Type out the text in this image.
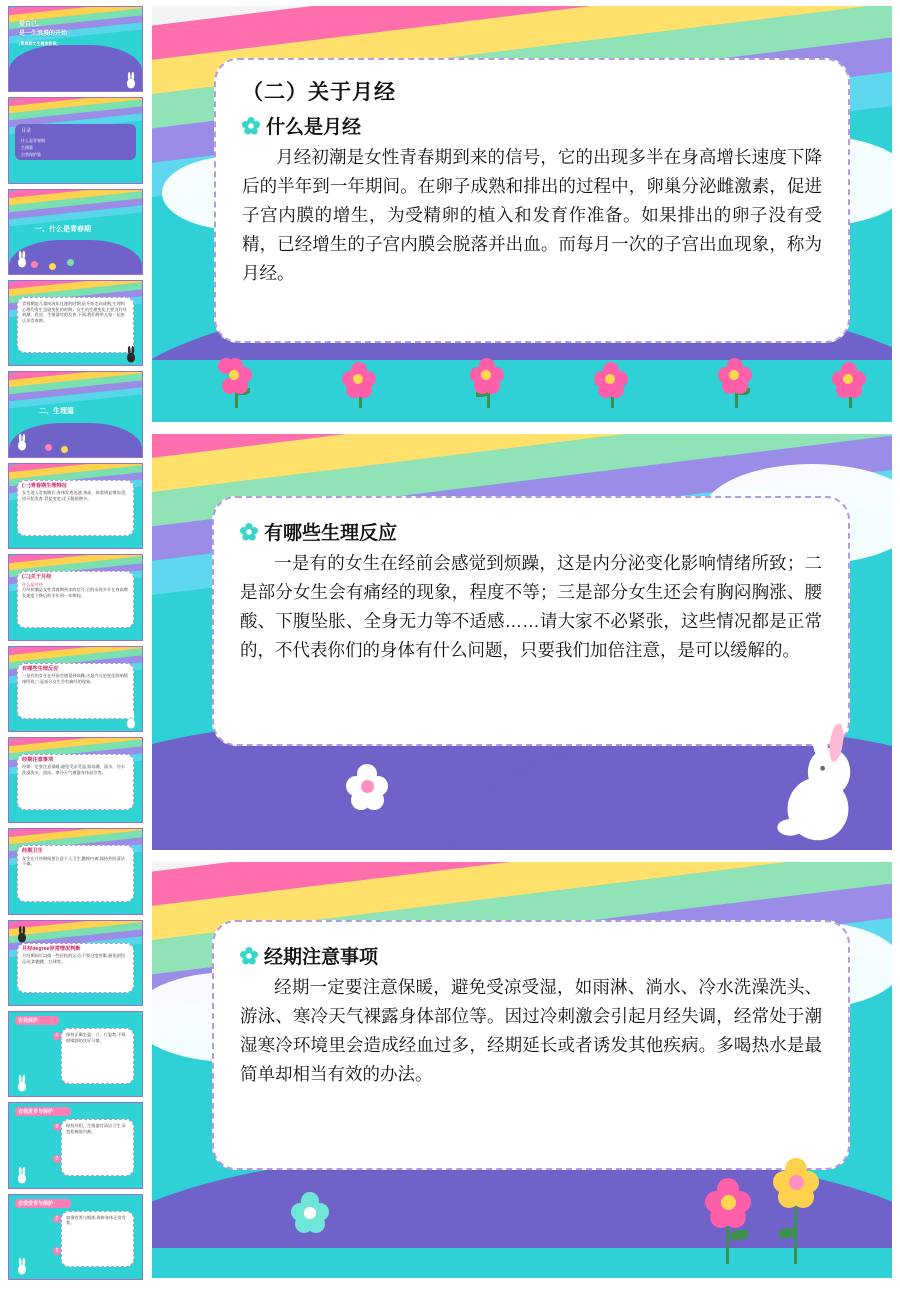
爱自己,
是一生浪漫的开始
(青春期女生健康教育)
目录
什么是青春期
生理篇
自我保护篇
一、什么是青春期
青春期是儿童向成年过渡的时期,是开始走向成熟,生理和心理均发生急剧变化的时期。女生的生理变化主要为月经初潮、乳房、生殖器官的发育,下面,我们将带大家一起来认识青春期。
二、生理篇
(一)青春期生理特征
女生进入青春期后,身体发育迅速,身高、体重明显增加,乳房开始发育,骨盆变宽,皮下脂肪增多。
(二)关于月经
什么是月经
月经初潮是女性青春期到来的信号,它的出现多半在身高增长速度下降后的半年到一年期间。
有哪些生理反应
一是有的女生在经前会感觉到烦躁,这是内分泌变化影响情绪所致;二是部分女生会有痛经的现象。
经期注意事项
经期一定要注意保暖,避免受凉受湿,如雨淋、淌水、冷水洗澡洗头、游泳、寒冷天气裸露身体部位等。
经期卫生
女生在月经期间要注意个人卫生,勤换内裤,保持外阴清洁干燥。
月经degree异常情况判断
月经期间可以做一些轻松的运动,不要过度劳累,避免剧烈运动,如跑跳、打球等。
自我保护
保持正确坐姿、立、行姿势,不吸烟喝酒的良好习惯。
0
自我发育与保护
保持外阴、生殖器官清洁卫生,穿宽松棉质内裤。
0
0
自我发育与保护
加强营养与锻炼,保障身体正常发育。
0
0
（二）关于月经
什么是月经

月经初潮是女性青春期到来的信号，它的出现多半在身高增长速度下降后的半年到一年期间。在卵子成熟和排出的过程中，卵巢分泌雌激素，促进子宫内膜的增生，为受精卵的植入和发育作准备。如果排出的卵子没有受精，已经增生的子宫内膜会脱落并出血。而每月一次的子宫出血现象，称为月经。

有哪些生理反应

一是有的女生在经前会感觉到烦躁，这是内分泌变化影响情绪所致；二是部分女生会有痛经的现象，程度不等；三是部分女生还会有胸闷胸涨、腰酸、下腹坠胀、全身无力等不适感……请大家不必紧张，这些情况都是正常的，不代表你们的身体有什么问题，只要我们加倍注意，是可以缓解的。

经期注意事项

经期一定要注意保暖，避免受凉受湿，如雨淋、淌水、冷水洗澡洗头、游泳、寒冷天气裸露身体部位等。因过冷刺激会引起月经失调，经常处于潮湿寒冷环境里会造成经血过多，经期延长或者诱发其他疾病。多喝热水是最简单却相当有效的办法。
